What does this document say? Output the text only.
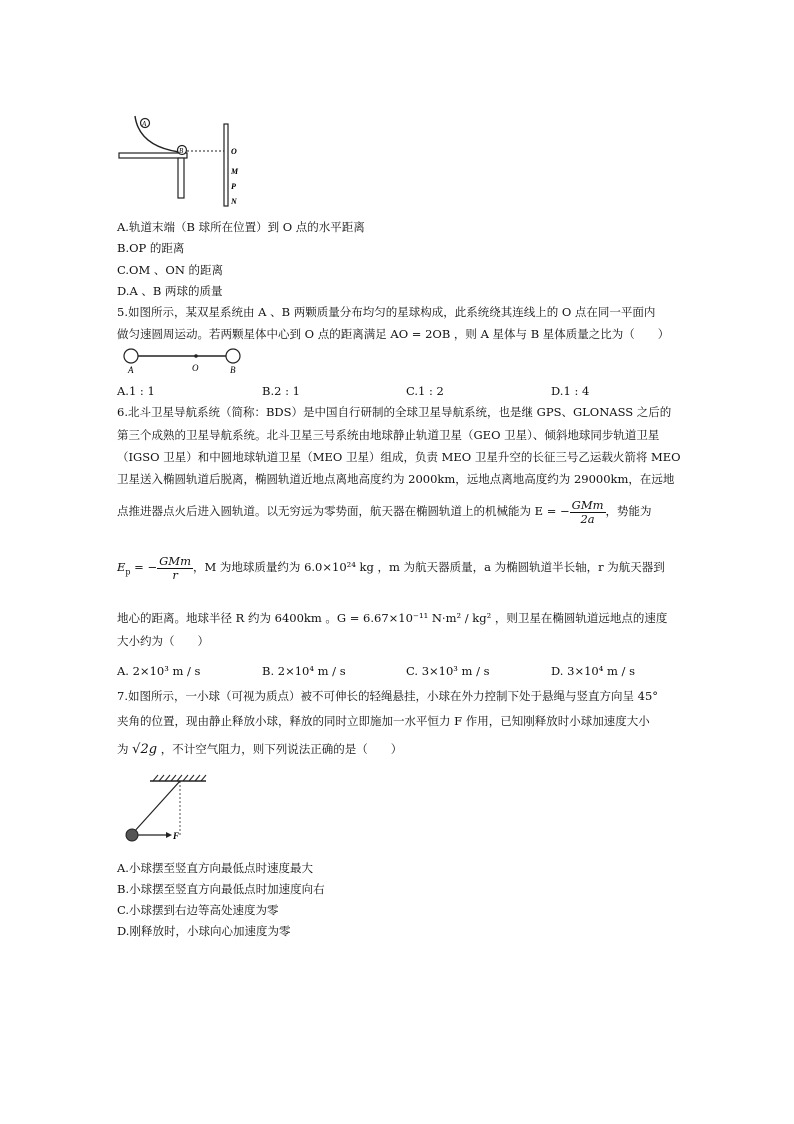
A
B	O
M
P
N
A.轨道末端（B 球所在位置）到 O 点的水平距离
B.OP 的距离
C.OM 、ON 的距离
D.A 、B 两球的质量
5.如图所示，某双星系统由 A 、B 两颗质量分布均匀的星球构成，此系统绕其连线上的 O 点在同一平面内
做匀速圆周运动。若两颗星体中心到 O 点的距离满足 AO = 2OB ，则 A 星体与 B 星体质量之比为（　　）
A	O	B
A.1 : 1	B.2 : 1	C.1 : 2	D.1 : 4
6.北斗卫星导航系统（简称：BDS）是中国自行研制的全球卫星导航系统，也是继 GPS、GLONASS 之后的
第三个成熟的卫星导航系统。北斗卫星三号系统由地球静止轨道卫星（GEO 卫星）、倾斜地球同步轨道卫星
（IGSO 卫星）和中圆地球轨道卫星（MEO 卫星）组成，负责 MEO 卫星升空的长征三号乙运载火箭将 MEO
卫星送入椭圆轨道后脱离，椭圆轨道近地点离地高度约为 2000km，远地点离地高度约为 29000km，在远地
点推进器点火后进入圆轨道。以无穷远为零势面，航天器在椭圆轨道上的机械能为 E = − $\frac{\text{GMm}}{2a}$ ，势能为
$E_p$ = − $\frac{\text{GMm}}{r}$ ，M 为地球质量约为 6.0×10²⁴ kg ，m 为航天器质量，a 为椭圆轨道半长轴，r 为航天器到
地心的距离。地球半径 R 约为 6400km 。G = 6.67×10⁻¹¹ N·m² / kg² ，则卫星在椭圆轨道远地点的速度
大小约为（　　）
A. 2×10³ m / s	B. 2×10⁴ m / s	C. 3×10³ m / s	D. 3×10⁴ m / s
7.如图所示，一小球（可视为质点）被不可伸长的轻绳悬挂，小球在外力控制下处于悬绳与竖直方向呈 45°
夹角的位置，现由静止释放小球，释放的同时立即施加一水平恒力 F 作用，已知刚释放时小球加速度大小
为 √2g ，不计空气阻力，则下列说法正确的是（　　）
F
A.小球摆至竖直方向最低点时速度最大
B.小球摆至竖直方向最低点时加速度向右
C.小球摆到右边等高处速度为零
D.刚释放时，小球向心加速度为零
